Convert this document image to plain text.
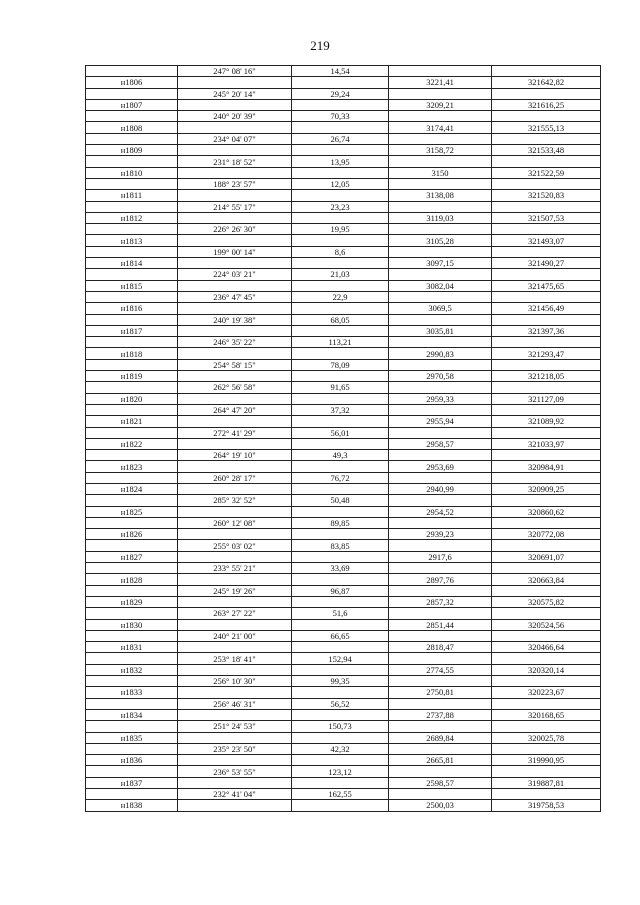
219
	247° 08' 16"	14,54		
н1806			3221,41	321642,82
	245° 20' 14"	29,24		
н1807			3209,21	321616,25
	240° 20' 39"	70,33		
н1808			3174,41	321555,13
	234° 04' 07"	26,74		
н1809			3158,72	321533,48
	231° 18' 52"	13,95		
н1810			3150	321522,59
	188° 23' 57"	12,05		
н1811			3138,08	321520,83
	214° 55' 17"	23,23		
н1812			3119,03	321507,53
	226° 26' 30"	19,95		
н1813			3105,28	321493,07
	199° 00' 14"	8,6		
н1814			3097,15	321490,27
	224° 03' 21"	21,03		
н1815			3082,04	321475,65
	236° 47' 45"	22,9		
н1816			3069,5	321456,49
	240° 19' 38"	68,05		
н1817			3035,81	321397,36
	246° 35' 22"	113,21		
н1818			2990,83	321293,47
	254° 58' 15"	78,09		
н1819			2970,58	321218,05
	262° 56' 58"	91,65		
н1820			2959,33	321127,09
	264° 47' 20"	37,32		
н1821			2955,94	321089,92
	272° 41' 29"	56,01		
н1822			2958,57	321033,97
	264° 19' 10"	49,3		
н1823			2953,69	320984,91
	260° 28' 17"	76,72		
н1824			2940,99	320909,25
	285° 32' 52"	50,48		
н1825			2954,52	320860,62
	260° 12' 08"	89,85		
н1826			2939,23	320772,08
	255° 03' 02"	83,85		
н1827			2917,6	320691,07
	233° 55' 21"	33,69		
н1828			2897,76	320663,84
	245° 19' 26"	96,87		
н1829			2857,32	320575,82
	263° 27' 22"	51,6		
н1830			2851,44	320524,56
	240° 21' 00"	66,65		
н1831			2818,47	320466,64
	253° 18' 41"	152,94		
н1832			2774,55	320320,14
	256° 10' 30"	99,35		
н1833			2750,81	320223,67
	256° 46' 31"	56,52		
н1834			2737,88	320168,65
	251° 24' 53"	150,73		
н1835			2689,84	320025,78
	235° 23' 50"	42,32		
н1836			2665,81	319990,95
	236° 53' 55"	123,12		
н1837			2598,57	319887,81
	232° 41' 04"	162,55		
н1838			2500,03	319758,53
